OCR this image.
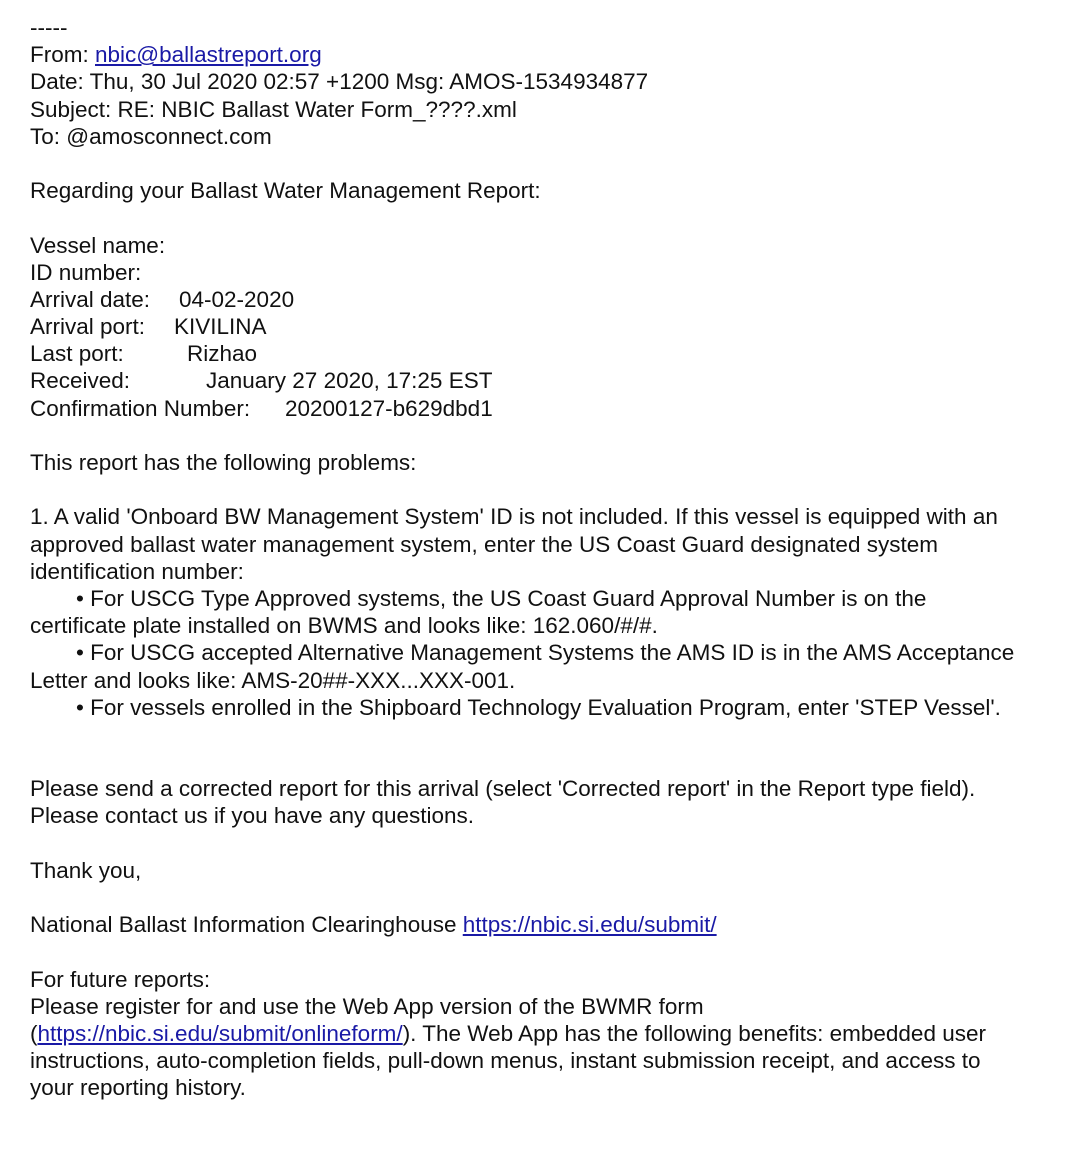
-----
From: nbic@ballastreport.org
Date: Thu, 30 Jul 2020 02:57 +1200 Msg: AMOS-1534934877
Subject: RE: NBIC Ballast Water Form_????.xml
To: @amosconnect.com
Regarding your Ballast Water Management Report:
Vessel name:
ID number:
Arrival date: 04-02-2020
Arrival port: KIVILINA
Last port:	Rizhao
Received:	January 27 2020, 17:25 EST
Confirmation Number: 20200127-b629dbd1
This report has the following problems:
1. A valid 'Onboard BW Management System' ID is not included. If this vessel is equipped with an
approved ballast water management system, enter the US Coast Guard designated system
identification number:
• For USCG Type Approved systems, the US Coast Guard Approval Number is on the
certificate plate installed on BWMS and looks like: 162.060/#/#.
• For USCG accepted Alternative Management Systems the AMS ID is in the AMS Acceptance
Letter and looks like: AMS-20##-XXX...XXX-001.
• For vessels enrolled in the Shipboard Technology Evaluation Program, enter 'STEP Vessel'.
Please send a corrected report for this arrival (select 'Corrected report' in the Report type field).
Please contact us if you have any questions.
Thank you,
National Ballast Information Clearinghouse https://nbic.si.edu/submit/
For future reports:
Please register for and use the Web App version of the BWMR form
(https://nbic.si.edu/submit/onlineform/). The Web App has the following benefits: embedded user
instructions, auto-completion fields, pull-down menus, instant submission receipt, and access to
your reporting history.
